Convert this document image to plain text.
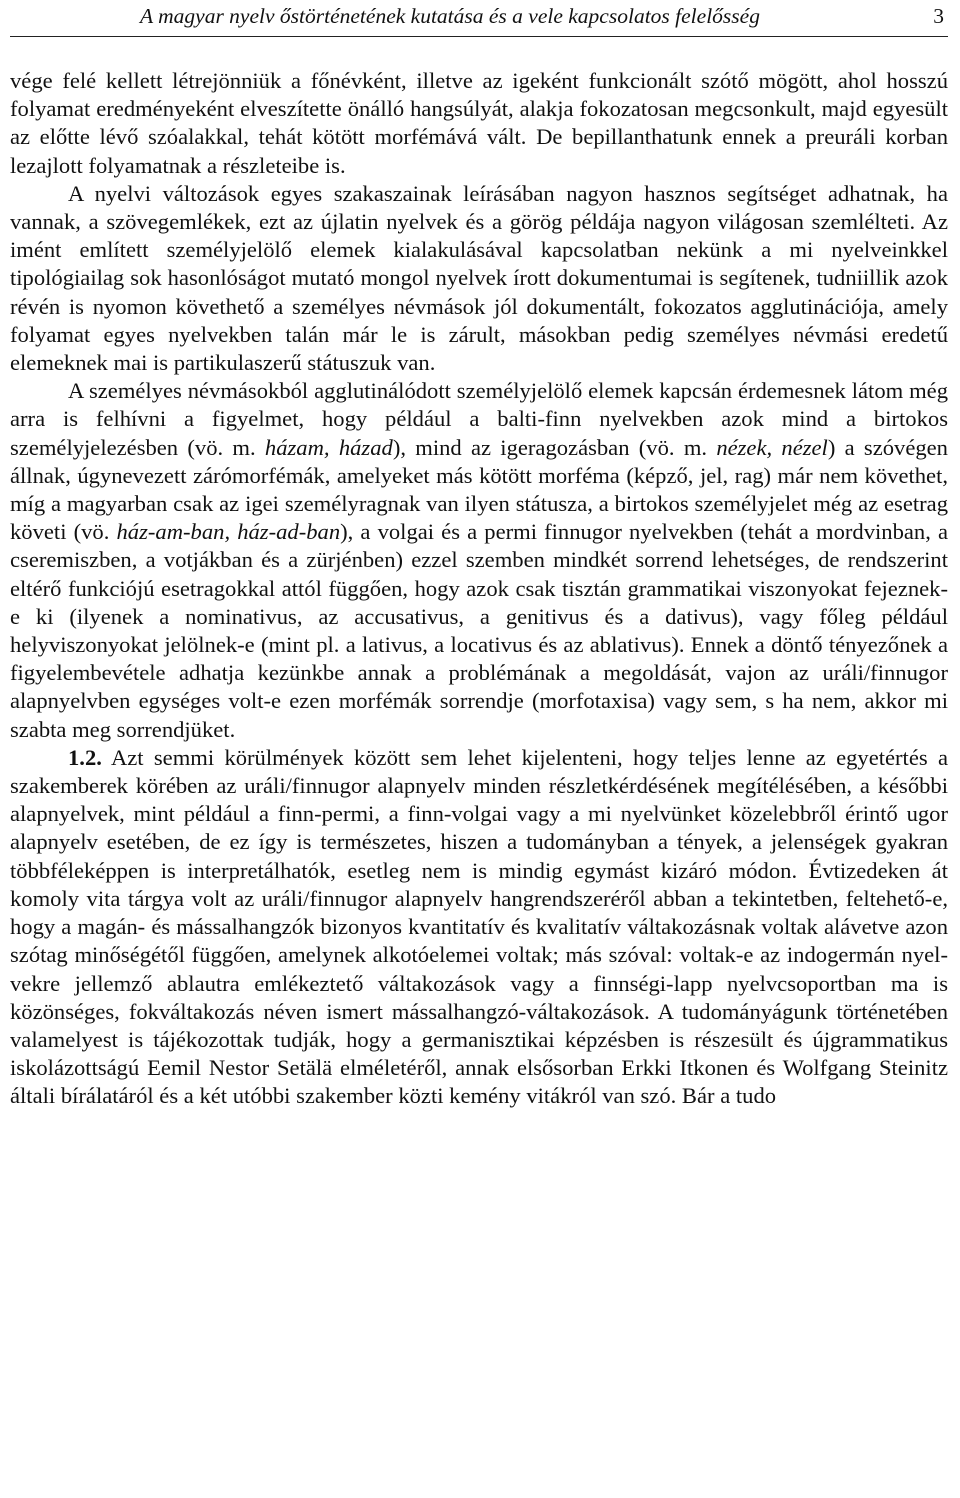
A magyar nyelv őstörténetének kutatása és a vele kapcsolatos felelősség	3

vége felé kellett létrejönniük a főnévként, illetve az igeként funkcionált szótő mögött, ahol hosszú folyamat eredményeként elveszítette önálló hangsúlyát, alakja fokozatosan megcsonkult, majd egyesült az előtte lévő szóalakkal, tehát kötött morfémává vált. De bepillanthatunk ennek a preuráli korban lezajlott folyamatnak a részleteibe is.

A nyelvi változások egyes szakaszainak leírásában nagyon hasznos segítséget adhatnak, ha vannak, a szövegemlékek, ezt az újlatin nyelvek és a görög példája nagyon világosan szemlélteti. Az imént említett személyjelölő elemek kialakulásával kapcsolatban nekünk a mi nyelveinkkel tipológiailag sok hasonlóságot mutató mongol nyelvek írott dokumentumai is segítenek, tudniillik azok révén is nyomon követhető a személyes névmások jól dokumentált, fokozatos agglutinációja, amely folyamat egyes nyelvekben talán már le is zárult, másokban pedig személyes névmási eredetű elemeknek mai is partikulaszerű státuszuk van.

A személyes névmásokból agglutinálódott személyjelölő elemek kapcsán érdemesnek látom még arra is felhívni a figyelmet, hogy például a balti-finn nyelvekben azok mind a birtokos személyjelezésben (vö. m. házam, házad), mind az igeragozásban (vö. m. nézek, nézel) a szóvégen állnak, úgynevezett zárómorfémák, amelyeket más kötött morféma (képző, jel, rag) már nem követhet, míg a magyarban csak az igei személyragnak van ilyen státusza, a birtokos személyjelet még az esetrag követi (vö. ház-am-ban, ház-ad-ban), a volgai és a permi finnugor nyelvekben (tehát a mordvinban, a cseremiszben, a votjákban és a zürjénben) ezzel szemben mindkét sorrend lehetséges, de rendszerint eltérő funkciójú esetragokkal attól függően, hogy azok csak tisztán grammatikai viszonyokat fejeznek-e ki (ilyenek a nominativus, az accusativus, a genitivus és a dativus), vagy főleg például helyviszonyokat jelölnek-e (mint pl. a lativus, a locativus és az ablativus). Ennek a döntő tényezőnek a figyelembevétele adhatja kezünkbe annak a problémának a megoldását, vajon az uráli/finnugor alapnyelvben egységes volt-e ezen morfémák sorrendje (morfotaxisa) vagy sem, s ha nem, akkor mi szabta meg sorrendjüket.

1.2. Azt semmi körülmények között sem lehet kijelenteni, hogy teljes lenne az egyetértés a szakemberek körében az uráli/finnugor alapnyelv minden részletkérdésének megítélésében, a későbbi alapnyelvek, mint például a finn-permi, a finn-volgai vagy a mi nyelvünket közelebbről érintő ugor alapnyelv esetében, de ez így is természetes, hiszen a tudományban a tények, a jelenségek gyakran többféleképpen is interpretálhatók, esetleg nem is mindig egymást kizáró módon. Évtizedeken át komoly vita tárgya volt az uráli/finnugor alapnyelv hangrendszeréről abban a tekintetben, feltehető-e, hogy a magán- és mássalhangzók bizonyos kvantitatív és kvalitatív váltakozásnak voltak alávetve azon szótag minőségétől függően, amelynek alkotóelemei voltak; más szóval: voltak-e az indogermán nyelvekre jellemző ablautra emlékeztető váltakozások vagy a finnségi-lapp nyelvcsoportban ma is közönséges, fokváltakozás néven ismert mássalhangzó-váltakozások. A tudományágunk történetében valamelyest is tájékozottak tudják, hogy a germanisztikai képzésben is részesült és újgrammatikus iskolázottságú Eemil Nestor Setälä elméletéről, annak elsősorban Erkki Itkonen és Wolfgang Steinitz általi bírálatáról és a két utóbbi szakember közti kemény vitákról van szó. Bár a tudo
